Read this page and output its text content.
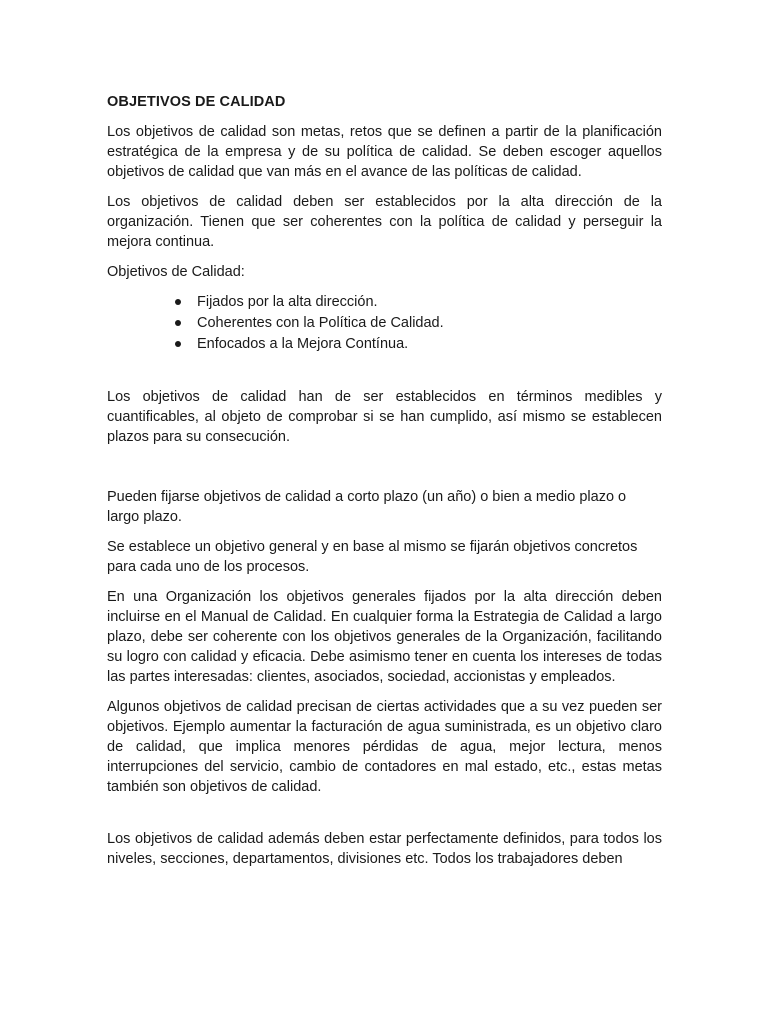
OBJETIVOS DE CALIDAD

Los objetivos de calidad son metas, retos que se definen a partir de la planificación estratégica de la empresa y de su política de calidad. Se deben escoger aquellos objetivos de calidad que van más en el avance de las políticas de calidad.

Los objetivos de calidad deben ser establecidos por la alta dirección de la organización. Tienen que ser coherentes con la política de calidad y perseguir la mejora continua.

Objetivos de Calidad:
Fijados por la alta dirección.
Coherentes con la Política de Calidad.
Enfocados a la Mejora Contínua.

Los objetivos de calidad han de ser establecidos en términos medibles y cuantificables, al objeto de comprobar si se han cumplido, así mismo se establecen plazos para su consecución.

Pueden fijarse objetivos de calidad a corto plazo (un año) o bien a medio plazo o largo plazo.

Se establece un objetivo general y en base al mismo se fijarán objetivos concretos para cada uno de los procesos.

En una Organización los objetivos generales fijados por la alta dirección deben incluirse en el Manual de Calidad. En cualquier forma la Estrategia de Calidad a largo plazo, debe ser coherente con los objetivos generales de la Organización, facilitando su logro con calidad y eficacia. Debe asimismo tener en cuenta los intereses de todas las partes interesadas: clientes, asociados, sociedad, accionistas y empleados.

Algunos objetivos de calidad precisan de ciertas actividades que a su vez pueden ser objetivos. Ejemplo aumentar la facturación de agua suministrada, es un objetivo claro de calidad, que implica menores pérdidas de agua, mejor lectura, menos interrupciones del servicio, cambio de contadores en mal estado, etc., estas metas también son objetivos de calidad.

Los objetivos de calidad además deben estar perfectamente definidos, para todos los niveles, secciones, departamentos, divisiones etc. Todos los trabajadores deben
